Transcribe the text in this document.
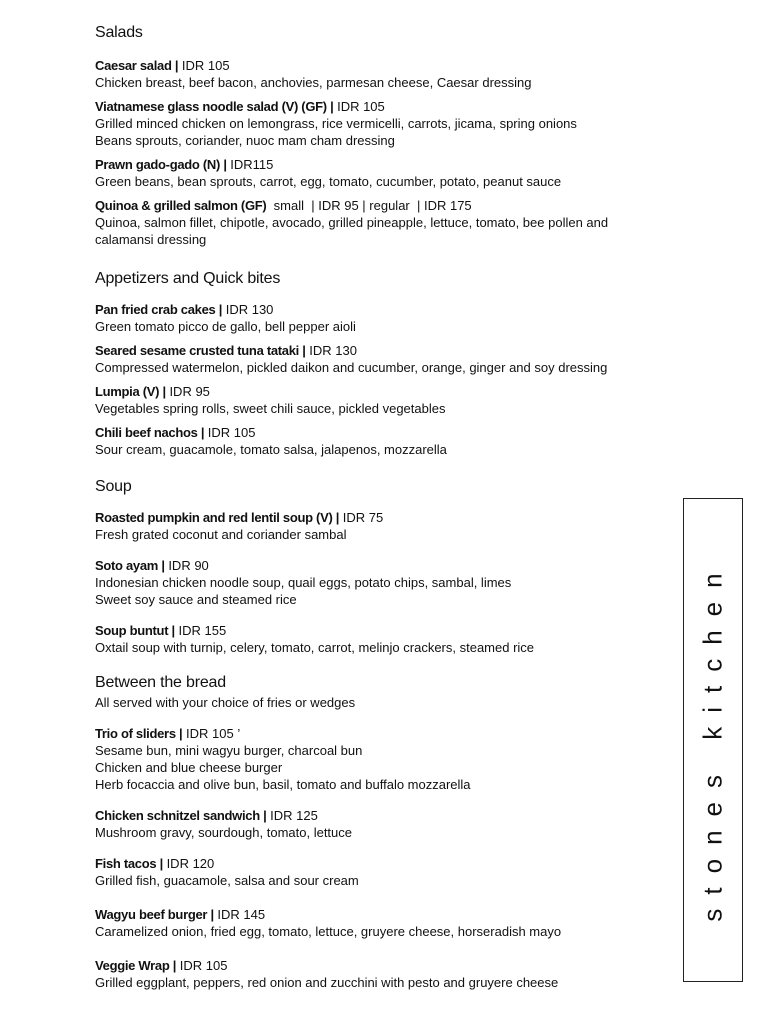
Salads
Caesar salad | IDR 105
Chicken breast, beef bacon, anchovies, parmesan cheese, Caesar dressing
Viatnamese glass noodle salad (V) (GF) | IDR 105
Grilled minced chicken on lemongrass, rice vermicelli, carrots, jicama, spring onions
Beans sprouts, coriander, nuoc mam cham dressing
Prawn gado-gado (N) | IDR115
Green beans, bean sprouts, carrot, egg, tomato, cucumber, potato, peanut sauce
Quinoa & grilled salmon (GF)  small  | IDR 95 | regular  | IDR 175
Quinoa, salmon fillet, chipotle, avocado, grilled pineapple, lettuce, tomato, bee pollen and calamansi dressing
Appetizers and Quick bites
Pan fried crab cakes | IDR 130
Green tomato picco de gallo, bell pepper aioli
Seared sesame crusted tuna tataki | IDR 130
Compressed watermelon, pickled daikon and cucumber, orange, ginger and soy dressing
Lumpia (V) | IDR 95
Vegetables spring rolls, sweet chili sauce, pickled vegetables
Chili beef nachos | IDR 105
Sour cream, guacamole, tomato salsa, jalapenos, mozzarella
Soup
Roasted pumpkin and red lentil soup (V) | IDR 75
Fresh grated coconut and coriander sambal
Soto ayam | IDR 90
Indonesian chicken noodle soup, quail eggs, potato chips, sambal, limes
Sweet soy sauce and steamed rice
Soup buntut | IDR 155
Oxtail soup with turnip, celery, tomato, carrot, melinjo crackers, steamed rice
Between the bread
All served with your choice of fries or wedges
Trio of sliders | IDR 105 ’
Sesame bun, mini wagyu burger, charcoal bun
Chicken and blue cheese burger
Herb focaccia and olive bun, basil, tomato and buffalo mozzarella
Chicken schnitzel sandwich | IDR 125
Mushroom gravy, sourdough, tomato, lettuce
Fish tacos | IDR 120
Grilled fish, guacamole, salsa and sour cream
Wagyu beef burger | IDR 145
Caramelized onion, fried egg, tomato, lettuce, gruyere cheese, horseradish mayo
Veggie Wrap | IDR 105
Grilled eggplant, peppers, red onion and zucchini with pesto and gruyere cheese
stones kitchen
